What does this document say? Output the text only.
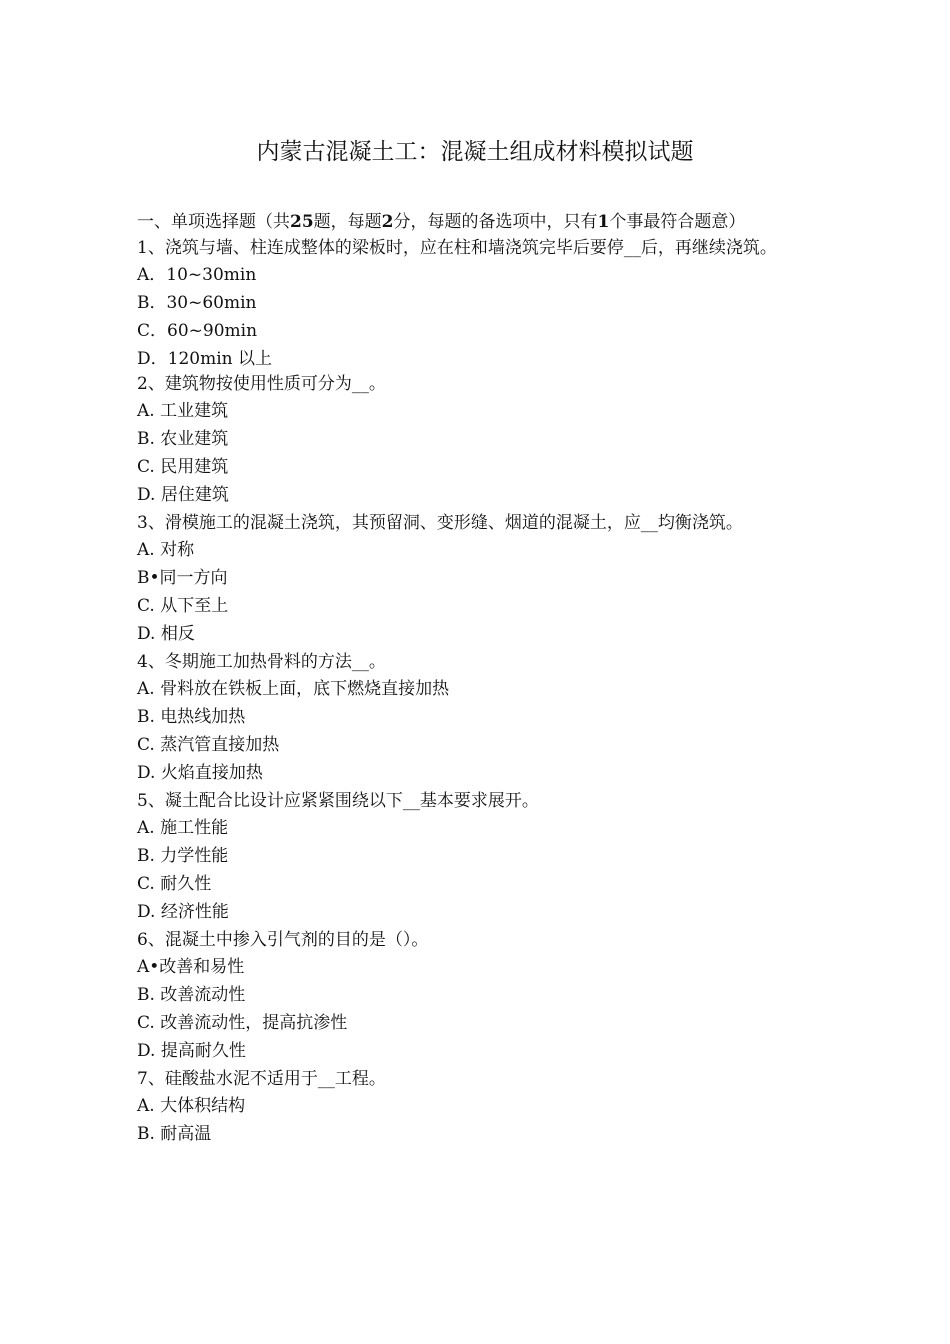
内蒙古混凝土工：混凝土组成材料模拟试题
一、单项选择题（共25题，每题2分，每题的备选项中，只有1个事最符合题意）
1、浇筑与墙、柱连成整体的梁板时，应在柱和墙浇筑完毕后要停__后，再继续浇筑。
A．10~30min
B．30~60min
C．60~90min
D．120min 以上
2、建筑物按使用性质可分为__。
A. 工业建筑
B. 农业建筑
C. 民用建筑
D. 居住建筑
3、滑模施工的混凝土浇筑，其预留洞、变形缝、烟道的混凝土，应__均衡浇筑。
A. 对称
B•同一方向
C. 从下至上
D. 相反
4、冬期施工加热骨料的方法__。
A. 骨料放在铁板上面，底下燃烧直接加热
B. 电热线加热
C. 蒸汽管直接加热
D. 火焰直接加热
5、凝土配合比设计应紧紧围绕以下__基本要求展开。
A. 施工性能
B. 力学性能
C. 耐久性
D. 经济性能
6、混凝土中掺入引气剂的目的是（）。
A•改善和易性
B. 改善流动性
C. 改善流动性，提高抗渗性
D. 提高耐久性
7、硅酸盐水泥不适用于__工程。
A. 大体积结构
B. 耐高温
